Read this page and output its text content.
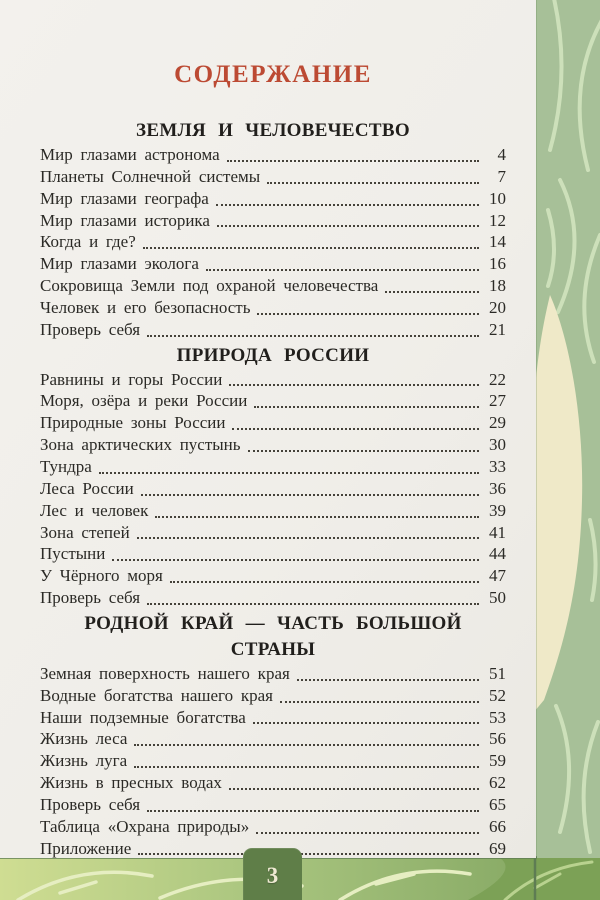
СОДЕРЖАНИЕ
ЗЕМЛЯ И ЧЕЛОВЕЧЕСТВО
Мир глазами астронома	4
Планеты Солнечной системы	7
Мир глазами географа	10
Мир глазами историка	12
Когда и где?	14
Мир глазами эколога	16
Сокровища Земли под охраной человечества	18
Человек и его безопасность	20
Проверь себя	21
ПРИРОДА РОССИИ
Равнины и горы России	22
Моря, озёра и реки России	27
Природные зоны России	29
Зона арктических пустынь	30
Тундра	33
Леса России	36
Лес и человек	39
Зона степей	41
Пустыни	44
У Чёрного моря	47
Проверь себя	50
РОДНОЙ КРАЙ — ЧАСТЬ БОЛЬШОЙ СТРАНЫ
Земная поверхность нашего края	51
Водные богатства нашего края	52
Наши подземные богатства	53
Жизнь леса	56
Жизнь луга	59
Жизнь в пресных водах	62
Проверь себя	65
Таблица «Охрана природы»	66
Приложение	69
3
